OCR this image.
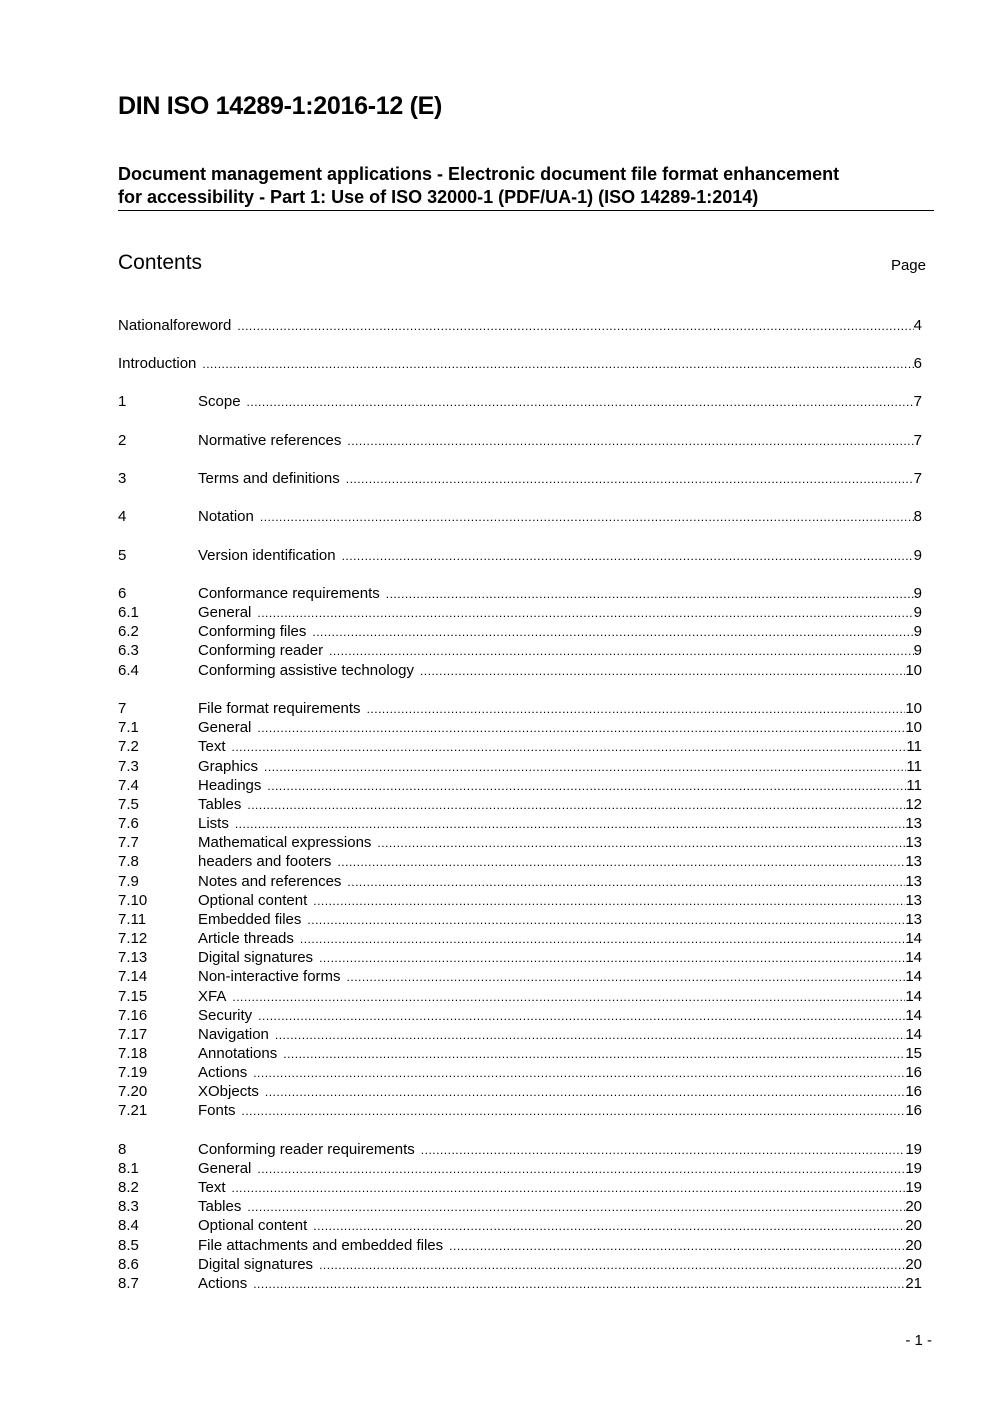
DIN ISO 14289-1:2016-12 (E)
Document management applications - Electronic document file format enhancement
for accessibility - Part 1: Use of ISO 32000-1 (PDF/UA-1) (ISO 14289-1:2014)
Contents	Page
Nationalforeword .....	4
Introduction .....	6
1	Scope .....	7
2	Normative references .....	7
3	Terms and definitions .....	7
4	Notation .....	8
5	Version identification .....	9
6	Conformance requirements .....	9
6.1	General .....	9
6.2	Conforming files .....	9
6.3	Conforming reader .....	9
6.4	Conforming assistive technology .....	10
7	File format requirements .....	10
7.1	General .....	10
7.2	Text .....	11
7.3	Graphics .....	11
7.4	Headings .....	11
7.5	Tables .....	12
7.6	Lists .....	13
7.7	Mathematical expressions .....	13
7.8	headers and footers .....	13
7.9	Notes and references .....	13
7.10	Optional content .....	13
7.11	Embedded files .....	13
7.12	Article threads .....	14
7.13	Digital signatures .....	14
7.14	Non-interactive forms .....	14
7.15	XFA .....	14
7.16	Security .....	14
7.17	Navigation .....	14
7.18	Annotations .....	15
7.19	Actions .....	16
7.20	XObjects .....	16
7.21	Fonts .....	16
8	Conforming reader requirements .....	19
8.1	General .....	19
8.2	Text .....	19
8.3	Tables .....	20
8.4	Optional content .....	20
8.5	File attachments and embedded files .....	20
8.6	Digital signatures .....	20
8.7	Actions .....	21
- 1 -
